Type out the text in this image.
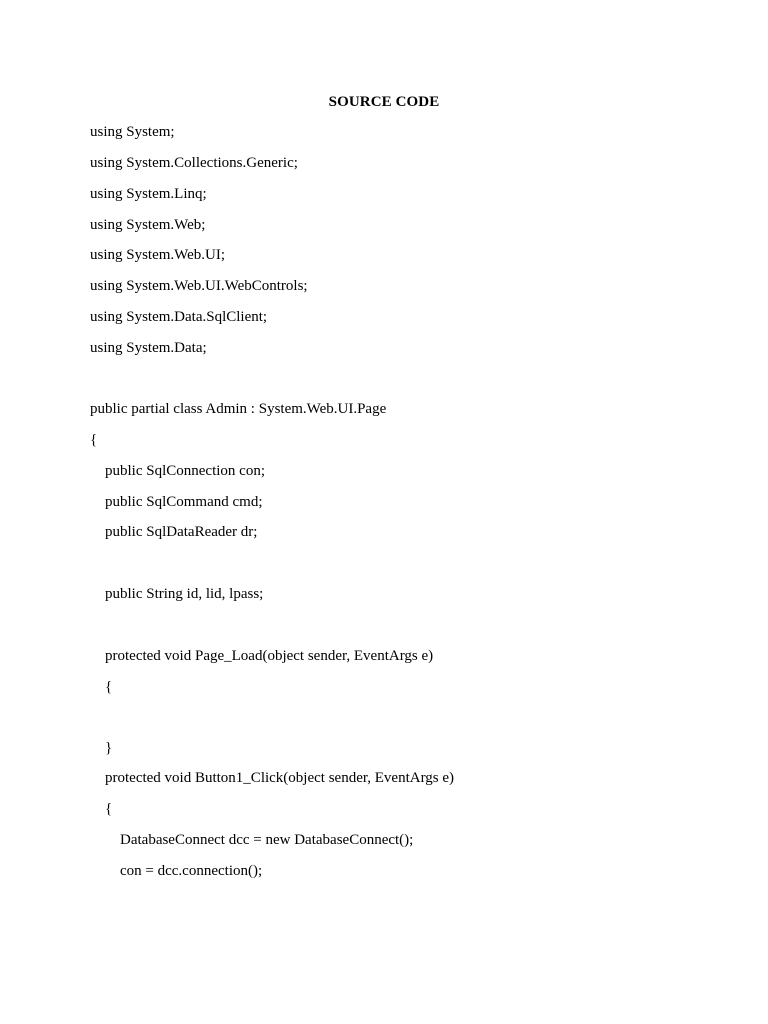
SOURCE CODE
using System;
using System.Collections.Generic;
using System.Linq;
using System.Web;
using System.Web.UI;
using System.Web.UI.WebControls;
using System.Data.SqlClient;
using System.Data;
public partial class Admin : System.Web.UI.Page
{
public SqlConnection con;
public SqlCommand cmd;
public SqlDataReader dr;
public String id, lid, lpass;
protected void Page_Load(object sender, EventArgs e)
{
}
protected void Button1_Click(object sender, EventArgs e)
{
DatabaseConnect dcc = new DatabaseConnect();
con = dcc.connection();
